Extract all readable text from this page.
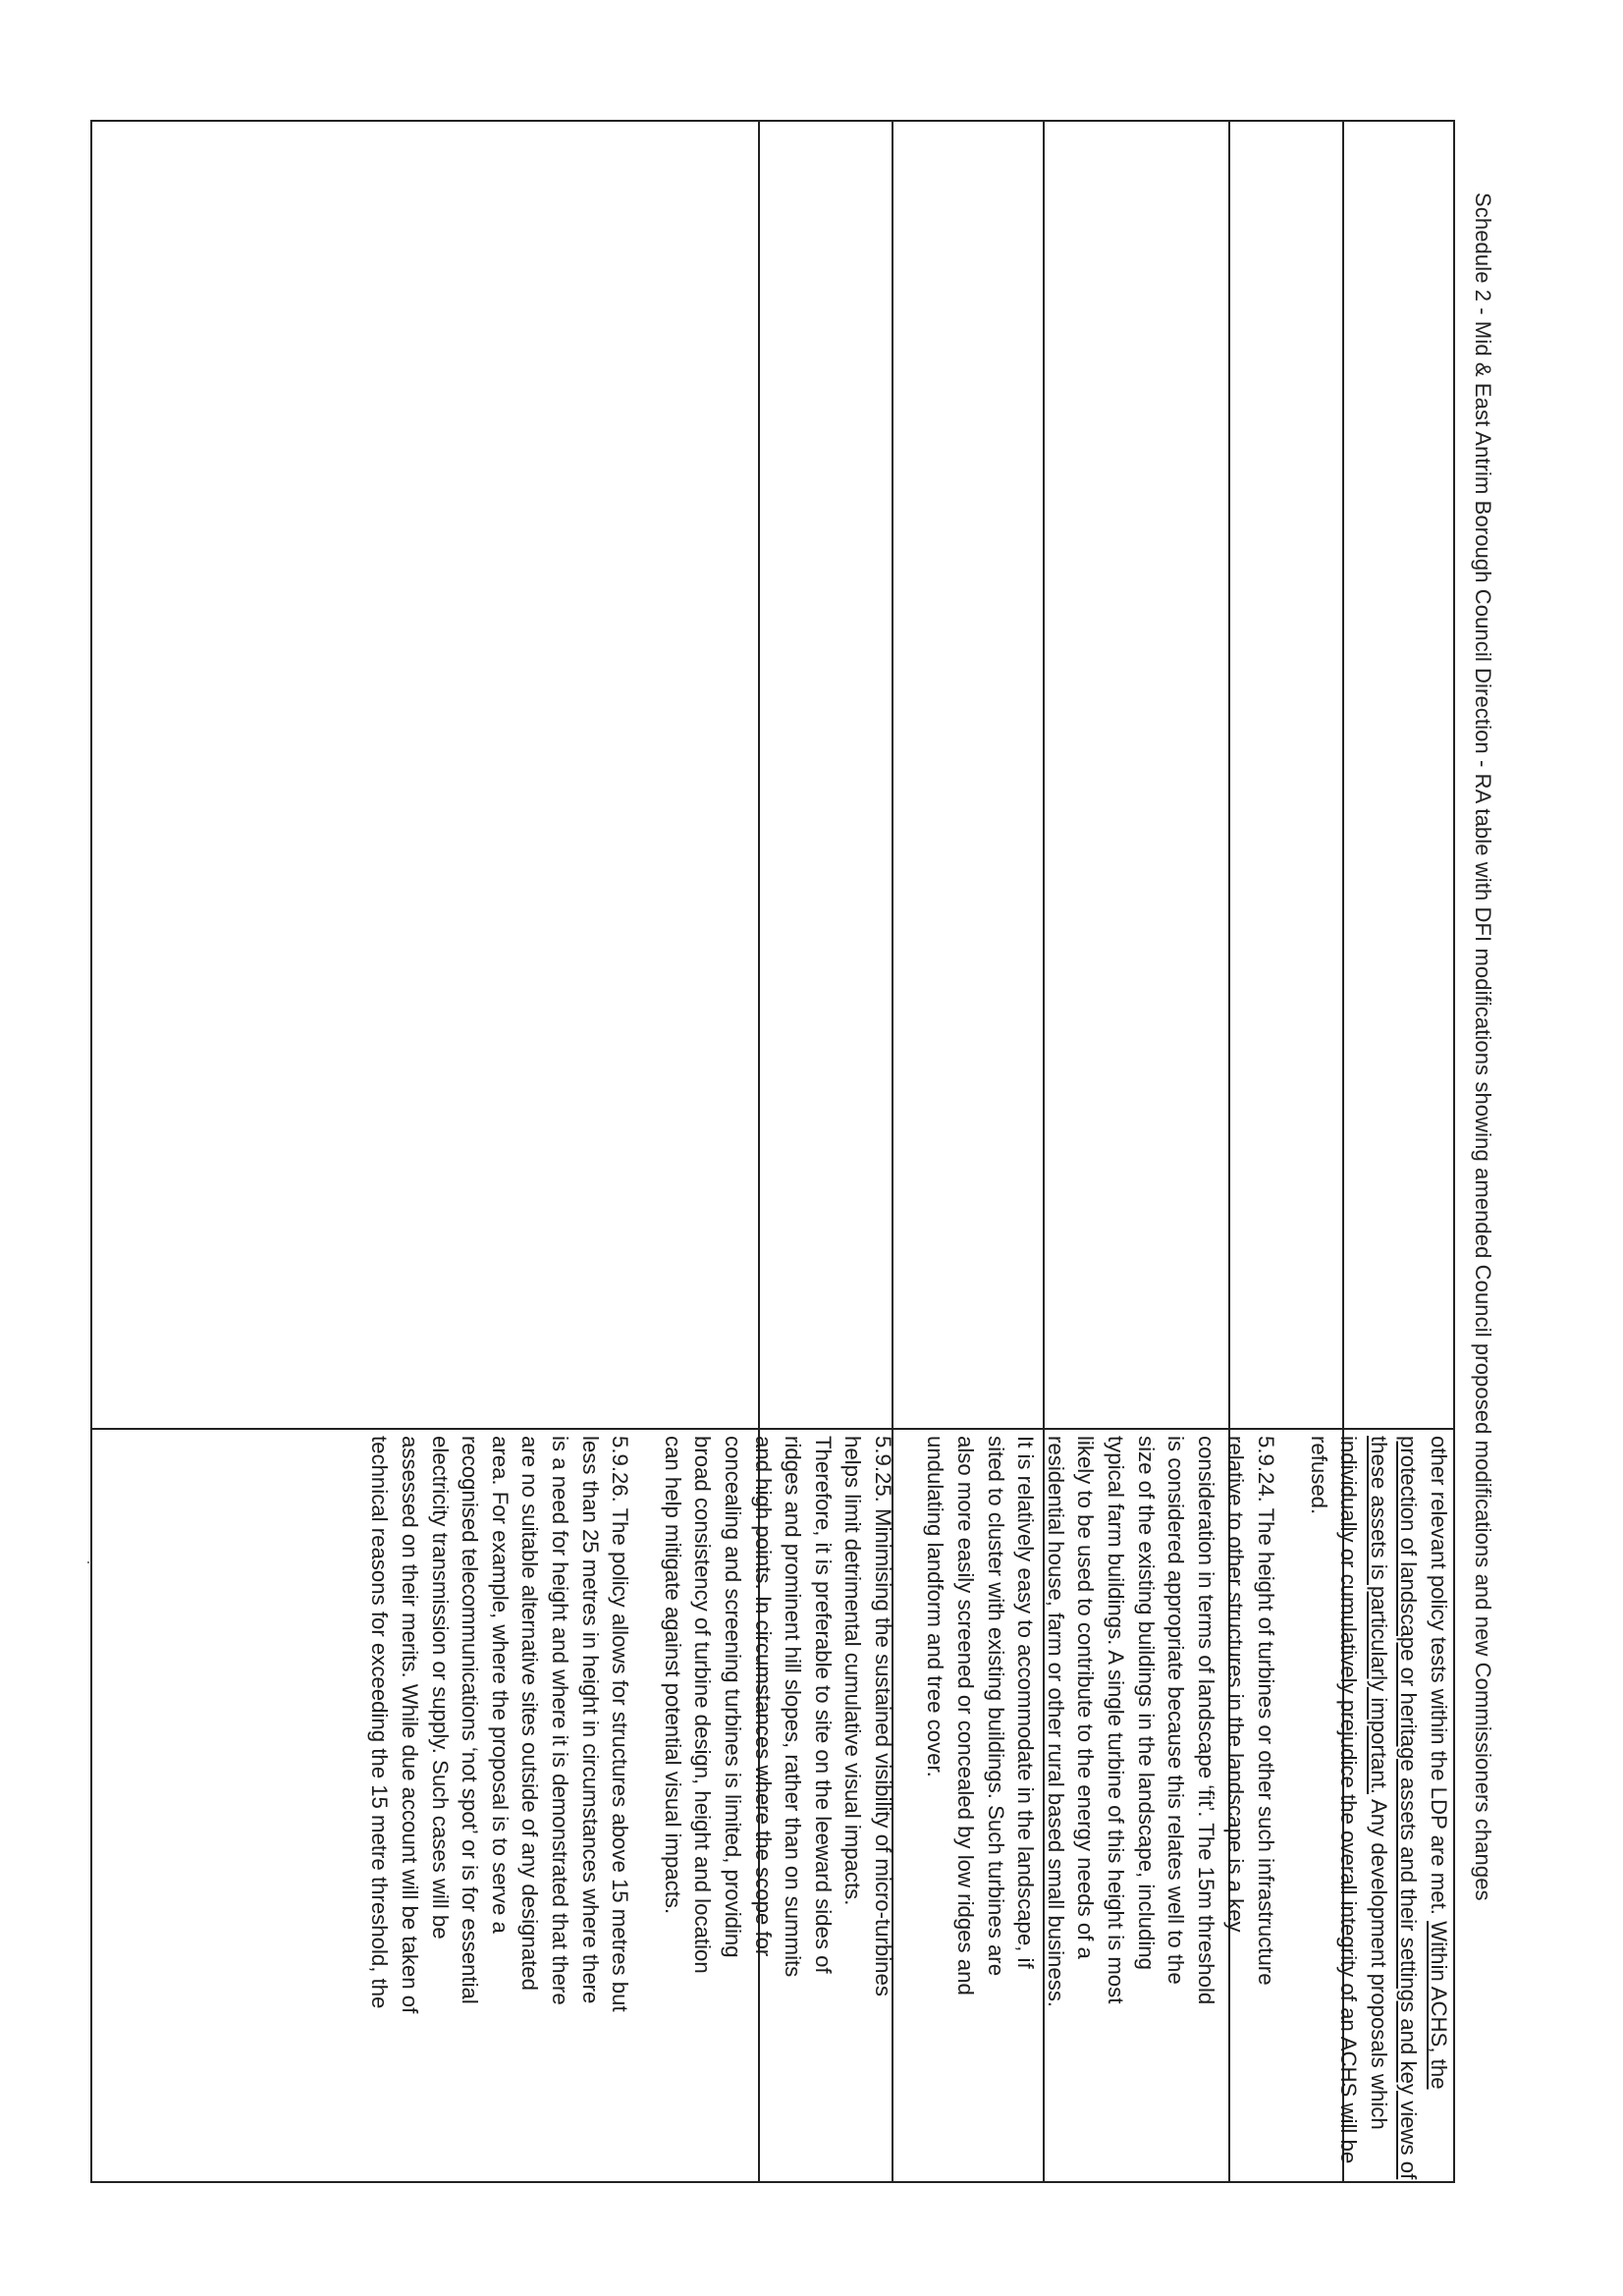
Schedule 2 - Mid & East Antrim Borough Council Direction - RA table with DFI modifications showing amended Council proposed modifications and new Commissioners changes

other relevant policy tests within the LDP are met. Within ACHS, the protection of landscape or heritage assets and their settings and key views of these assets is particularly important. Any development proposals which individually or cumulatively prejudice the overall integrity of an ACHS will be refused.

5.9.24. The height of turbines or other such infrastructure
relative to other structures in the landscape is a key
consideration in terms of landscape ‘fit’. The 15m threshold
is considered appropriate because this relates well to the
size of the existing buildings in the landscape, including
typical farm buildings. A single turbine of this height is most
likely to be used to contribute to the energy needs of a
residential house, farm or other rural based small business.
It is relatively easy to accommodate in the landscape, if
sited to cluster with existing buildings. Such turbines are
also more easily screened or concealed by low ridges and
undulating landform and tree cover.

5.9.25. Minimising the sustained visibility of micro-turbines
helps limit detrimental cumulative visual impacts.
Therefore, it is preferable to site on the leeward sides of
ridges and prominent hill slopes, rather than on summits
and high points. In circumstances where the scope for
concealing and screening turbines is limited, providing
broad consistency of turbine design, height and location
can help mitigate against potential visual impacts.

5.9.26. The policy allows for structures above 15 metres but
less than 25 metres in height in circumstances where there
is a need for height and where it is demonstrated that there
are no suitable alternative sites outside of any designated
area. For example, where the proposal is to serve a
recognised telecommunications ‘not spot’ or is for essential
electricity transmission or supply. Such cases will be
assessed on their merits. While due account will be taken of
technical reasons for exceeding the 15 metre threshold, the
